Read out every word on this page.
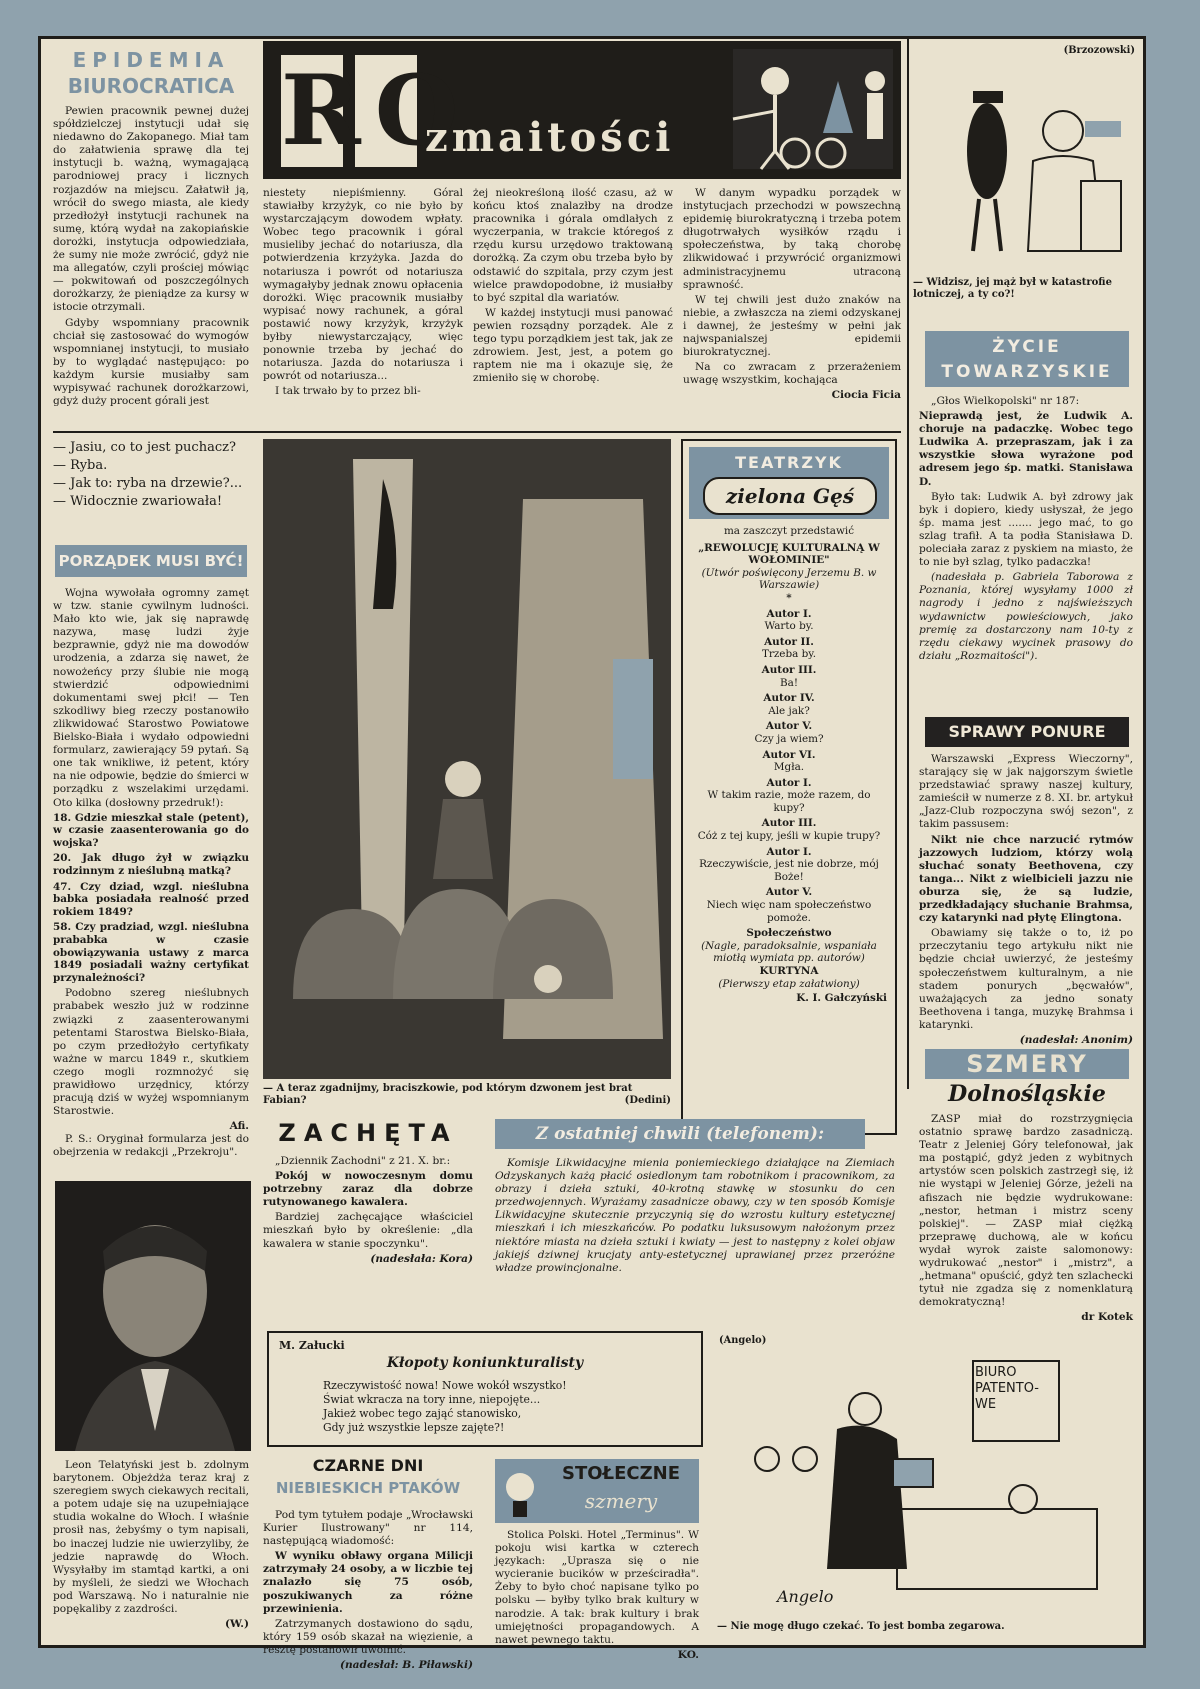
EPIDEMIA
BIUROCRATICA

Pewien pracownik pewnej dużej spółdzielczej instytucji udał się niedawno do Zakopanego. Miał tam do załatwienia sprawę dla tej instytucji b. ważną, wymagającą parodniowej pracy i licznych rozjazdów na miejscu. Załatwił ją, wrócił do swego miasta, ale kiedy przedłożył instytucji rachunek na sumę, którą wydał na zakopiańskie dorożki, instytucja odpowiedziała, że sumy nie może zwrócić, gdyż nie ma allegatów, czyli prościej mówiąc — pokwitowań od poszczególnych dorożkarzy, że pieniądze za kursy w istocie otrzymali.

Gdyby wspomniany pracownik chciał się zastosować do wymogów wspomnianej instytucji, to musiało by to wyglądać następująco: po każdym kursie musiałby sam wypisywać rachunek dorożkarzowi, gdyż duży procent górali jest

RO
zmaitości
(Brzozowski)
— Widzisz, jej mąż był w katastrofie lotniczej, a ty co?!

niestety niepiśmienny. Góral stawiałby krzyżyk, co nie było by wystarczającym dowodem wpłaty. Wobec tego pracownik i góral musieliby jechać do notariusza, dla potwierdzenia krzyżyka. Jazda do notariusza i powrót od notariusza wymagałyby jednak znowu opłacenia dorożki. Więc pracownik musiałby wypisać nowy rachunek, a góral postawić nowy krzyżyk, krzyżyk byłby niewystarczający, więc ponownie trzeba by jechać do notariusza. Jazda do notariusza i powrót od notariusza...

I tak trwało by to przez bli-

żej nieokreśloną ilość czasu, aż w końcu ktoś znalazłby na drodze pracownika i górala omdlałych z wyczerpania, w trakcie któregoś z rzędu kursu urzędowo traktowaną dorożką. Za czym obu trzeba było by odstawić do szpitala, przy czym jest wielce prawdopodobne, iż musiałby to być szpital dla wariatów.

W każdej instytucji musi panować pewien rozsądny porządek. Ale z tego typu porządkiem jest tak, jak ze zdrowiem. Jest, jest, a potem go raptem nie ma i okazuje się, że zmieniło się w chorobę.

W danym wypadku porządek w instytucjach przechodzi w powszechną epidemię biurokratyczną i trzeba potem długotrwałych wysiłków rządu i społeczeństwa, by taką chorobę zlikwidować i przywrócić organizmowi administracyjnemu utraconą sprawność.

W tej chwili jest dużo znaków na niebie, a zwłaszcza na ziemi odzyskanej i dawnej, że jesteśmy w pełni jak najwspanialszej epidemii biurokratycznej.

Na co zwracam z przerażeniem uwagę wszystkim, kochająca

Ciocia Ficia
— Jasiu, co to jest puchacz?
— Ryba.
— Jak to: ryba na drzewie?...
— Widocznie zwariowała!
PORZĄDEK MUSI BYĆ!

Wojna wywołała ogromny zamęt w tzw. stanie cywilnym ludności. Mało kto wie, jak się naprawdę nazywa, masę ludzi żyje bezprawnie, gdyż nie ma dowodów urodzenia, a zdarza się nawet, że nowożeńcy przy ślubie nie mogą stwierdzić odpowiednimi dokumentami swej płci! — Ten szkodliwy bieg rzeczy postanowiło zlikwidować Starostwo Powiatowe Bielsko-Biała i wydało odpowiedni formularz, zawierający 59 pytań. Są one tak wnikliwe, iż petent, który na nie odpowie, będzie do śmierci w porządku z wszelakimi urzędami. Oto kilka (dosłowny przedruk!):

18. Gdzie mieszkał stale (petent), w czasie zaasenterowania go do wojska?
20. Jak długo żył w związku rodzinnym z nieślubną matką?
47. Czy dziad, wzgl. nieślubna babka posiadała realność przed rokiem 1849?
58. Czy pradziad, wzgl. nieślubna prababka w czasie obowiązywania ustawy z marca 1849 posiadali ważny certyfikat przynależności?

Podobno szereg nieślubnych prababek weszło już w rodzinne związki z zaasenterowanymi petentami Starostwa Bielsko-Biała, po czym przedłożyło certyfikaty ważne w marcu 1849 r., skutkiem czego mogli rozmnożyć się prawidłowo urzędnicy, którzy pracują dziś w wyżej wspomnianym Starostwie.

Afi.

P. S.: Oryginał formularza jest do obejrzenia w redakcji „Przekroju".

— A teraz zgadnijmy, braciszkowie, pod którym dzwonem jest brat Fabian?	(Dedini)
TEATRZYK
zielona Gęś

ma zaszczyt przedstawić

„REWOLUCJĘ KULTURALNĄ W WOŁOMINIE"

(Utwór poświęcony Jerzemu B. w Warszawie)

*

Autor I.

Warto by.

Autor II.

Trzeba by.

Autor III.

Ba!

Autor IV.

Ale jak?

Autor V.

Czy ja wiem?

Autor VI.

Mgła.

Autor I.

W takim razie, może razem, do kupy?

Autor III.

Cóż z tej kupy, jeśli w kupie trupy?

Autor I.

Rzeczywiście, jest nie dobrze, mój Boże!

Autor V.

Niech więc nam społeczeństwo pomoże.

Społeczeństwo

(Nagle, paradoksalnie, wspaniała miotłą wymiata pp. autorów)

KURTYNA

(Pierwszy etap załatwiony)

K. I. Gałczyński

ŻYCIE
TOWARZYSKIE

„Głos Wielkopolski" nr 187:

Nieprawdą jest, że Ludwik A. choruje na padaczkę. Wobec tego Ludwika A. przepraszam, jak i za wszystkie słowa wyrażone pod adresem jego śp. matki. Stanisława D.

Było tak: Ludwik A. był zdrowy jak byk i dopiero, kiedy usłyszał, że jego śp. mama jest ....... jego mać, to go szlag trafił. A ta podła Stanisława D. poleciała zaraz z pyskiem na miasto, że to nie był szlag, tylko padaczka!

(nadesłała p. Gabriela Taborowa z Poznania, której wysyłamy 1000 zł nagrody i jedno z najświeższych wydawnictw powieściowych, jako premię za dostarczony nam 10-ty z rzędu ciekawy wycinek prasowy do działu „Rozmaitości").

SPRAWY PONURE

Warszawski „Express Wieczorny", starający się w jak najgorszym świetle przedstawiać sprawy naszej kultury, zamieścił w numerze z 8. XI. br. artykuł „Jazz-Club rozpoczyna swój sezon", z takim passusem:

Nikt nie chce narzucić rytmów jazzowych ludziom, którzy wolą słuchać sonaty Beethovena, czy tanga... Nikt z wielbicieli jazzu nie oburza się, że są ludzie, przedkładający słuchanie Brahmsa, czy katarynki nad płytę Elingtona.

Obawiamy się także o to, iż po przeczytaniu tego artykułu nikt nie będzie chciał uwierzyć, że jesteśmy społeczeństwem kulturalnym, a nie stadem ponurych „bęcwałów", uważających za jedno sonaty Beethovena i tanga, muzykę Brahmsa i katarynki.

(nadesłał: Anonim)
SZMERY
Dolnośląskie

ZASP miał do rozstrzygnięcia ostatnio sprawę bardzo zasadniczą. Teatr z Jeleniej Góry telefonował, jak ma postąpić, gdyż jeden z wybitnych artystów scen polskich zastrzegł się, iż nie wystąpi w Jeleniej Górze, jeżeli na afiszach nie będzie wydrukowane: „nestor, hetman i mistrz sceny polskiej". — ZASP miał ciężką przeprawę duchową, ale w końcu wydał wyrok zaiste salomonowy: wydrukować „nestor" i „mistrz", a „hetmana" opuścić, gdyż ten szlachecki tytuł nie zgadza się z nomenklaturą demokratyczną!

dr Kotek
ZACHĘTA

„Dziennik Zachodni" z 21. X. br.:

Pokój w nowoczesnym domu potrzebny zaraz dla dobrze rutynowanego kawalera.

Bardziej zachęcające właściciel mieszkań było by określenie: „dla kawalera w stanie spoczynku".

(nadesłała: Kora)
Z ostatniej chwili (telefonem):

Komisje Likwidacyjne mienia poniemieckiego działające na Ziemiach Odzyskanych każą płacić osiedlonym tam robotnikom i pracownikom, za obrazy i dzieła sztuki, 40-krotną stawkę w stosunku do cen przedwojennych. Wyrażamy zasadnicze obawy, czy w ten sposób Komisje Likwidacyjne skutecznie przyczynią się do wzrostu kultury estetycznej mieszkań i ich mieszkańców. Po podatku luksusowym nałożonym przez niektóre miasta na dzieła sztuki i kwiaty — jest to następny z kolei objaw jakiejś dziwnej krucjaty anty-estetycznej uprawianej przez przeróżne władze prowincjonalne.

Leon Telatyński jest b. zdolnym barytonem. Objeżdża teraz kraj z szeregiem swych ciekawych recitali, a potem udaje się na uzupełniające studia wokalne do Włoch. I właśnie prosił nas, żebyśmy o tym napisali, bo inaczej ludzie nie uwierzyliby, że jedzie naprawdę do Włoch. Wysyłałby im stamtąd kartki, a oni by myśleli, że siedzi we Włochach pod Warszawą. No i naturalnie nie popękaliby z zazdrości.

(W.)
M. Załucki
Kłopoty koniunkturalisty
Rzeczywistość nowa! Nowe wokół wszystko!
Świat wkracza na tory inne, niepojęte...
Jakież wobec tego zająć stanowisko,
Gdy już wszystkie lepsze zajęte?!
CZARNE DNI
NIEBIESKICH PTAKÓW

Pod tym tytułem podaje „Wrocławski Kurier Ilustrowany" nr 114, następującą wiadomość:

W wyniku obławy organa Milicji zatrzymały 24 osoby, a w liczbie tej znalazło się 75 osób, poszukiwanych za różne przewinienia.

Zatrzymanych dostawiono do sądu, który 159 osób skazał na więzienie, a resztę postanowił uwolnić.

(nadesłał: B. Piławski)
STOŁECZNE
szmery

Stolica Polski. Hotel „Terminus". W pokoju wisi kartka w czterech językach: „Uprasza się o nie wycieranie bucików w prześciradła". Żeby to było choć napisane tylko po polsku — byłby tylko brak kultury w narodzie. A tak: brak kultury i brak umiejętności propagandowych. A nawet pewnego taktu.

KO.
(Angelo)
BIURO
PATENTO-
WE
Angelo
— Nie mogę długo czekać. To jest bomba zegarowa.
